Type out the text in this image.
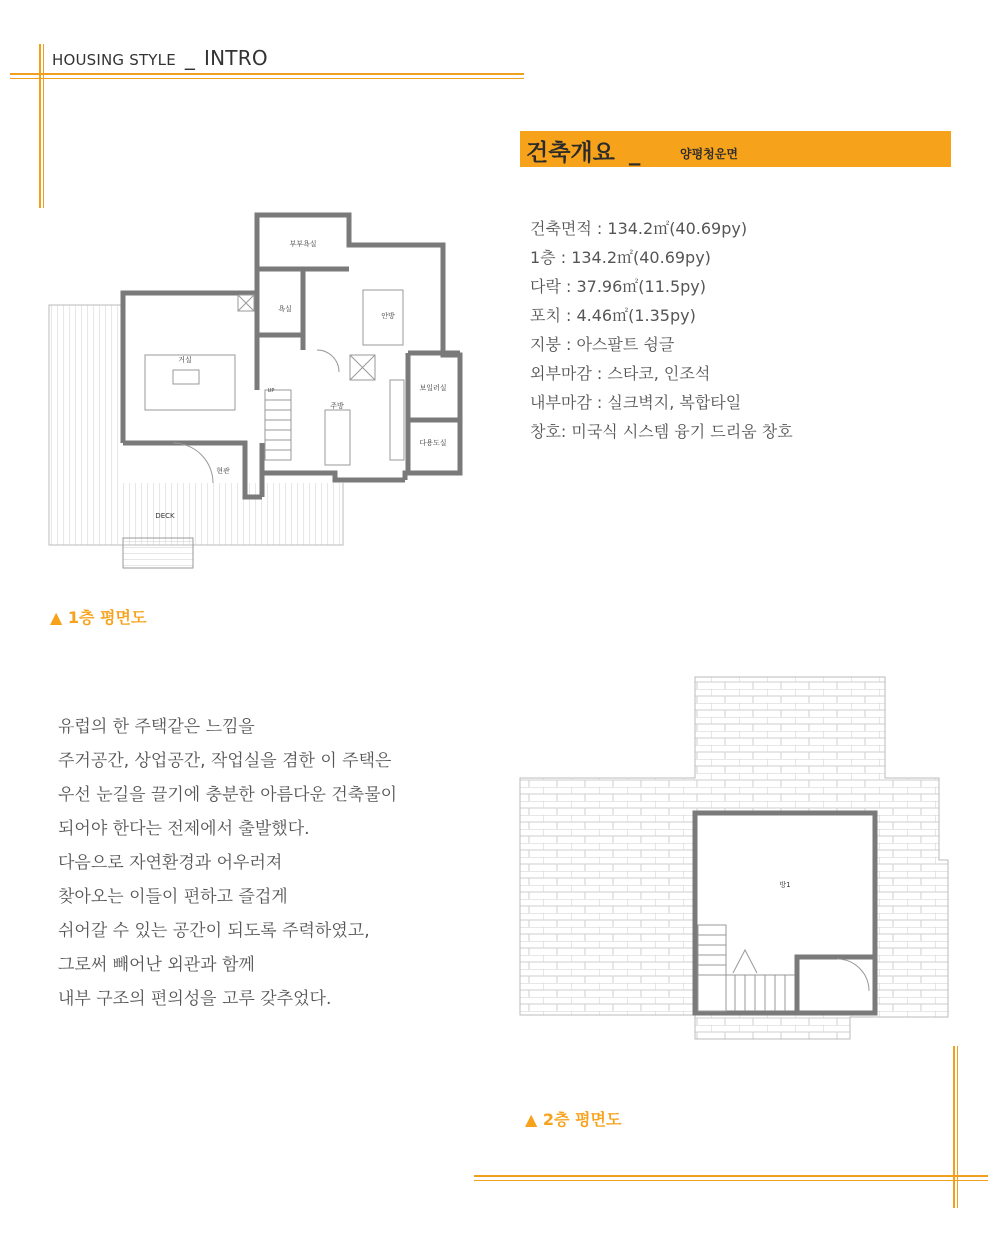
HOUSING STYLE _ INTRO
건축개요 _	양평청운면
건축면적 : 134.2㎡(40.69py)
1층 : 134.2㎡(40.69py)
다락 : 37.96㎡(11.5py)
포치 : 4.46㎡(1.35py)
지붕 : 아스팔트 슁글
외부마감 : 스타코, 인조석
내부마감 : 실크벽지, 복합타일
창호: 미국식 시스템 융기 드리움 창호
부부욕실
욕실
안방
거실
주방
보일러실
다용도실
현관
DECK
UP
▲ 1층 평면도
유럽의 한 주택같은 느낌을
주거공간, 상업공간, 작업실을 겸한 이 주택은
우선 눈길을 끌기에 충분한 아름다운 건축물이
되어야 한다는 전제에서 출발했다.
다음으로 자연환경과 어우러져
찾아오는 이들이 편하고 즐겁게
쉬어갈 수 있는 공간이 되도록 주력하였고,
그로써 빼어난 외관과 함께
내부 구조의 편의성을 고루 갖추었다.
방1
▲ 2층 평면도
